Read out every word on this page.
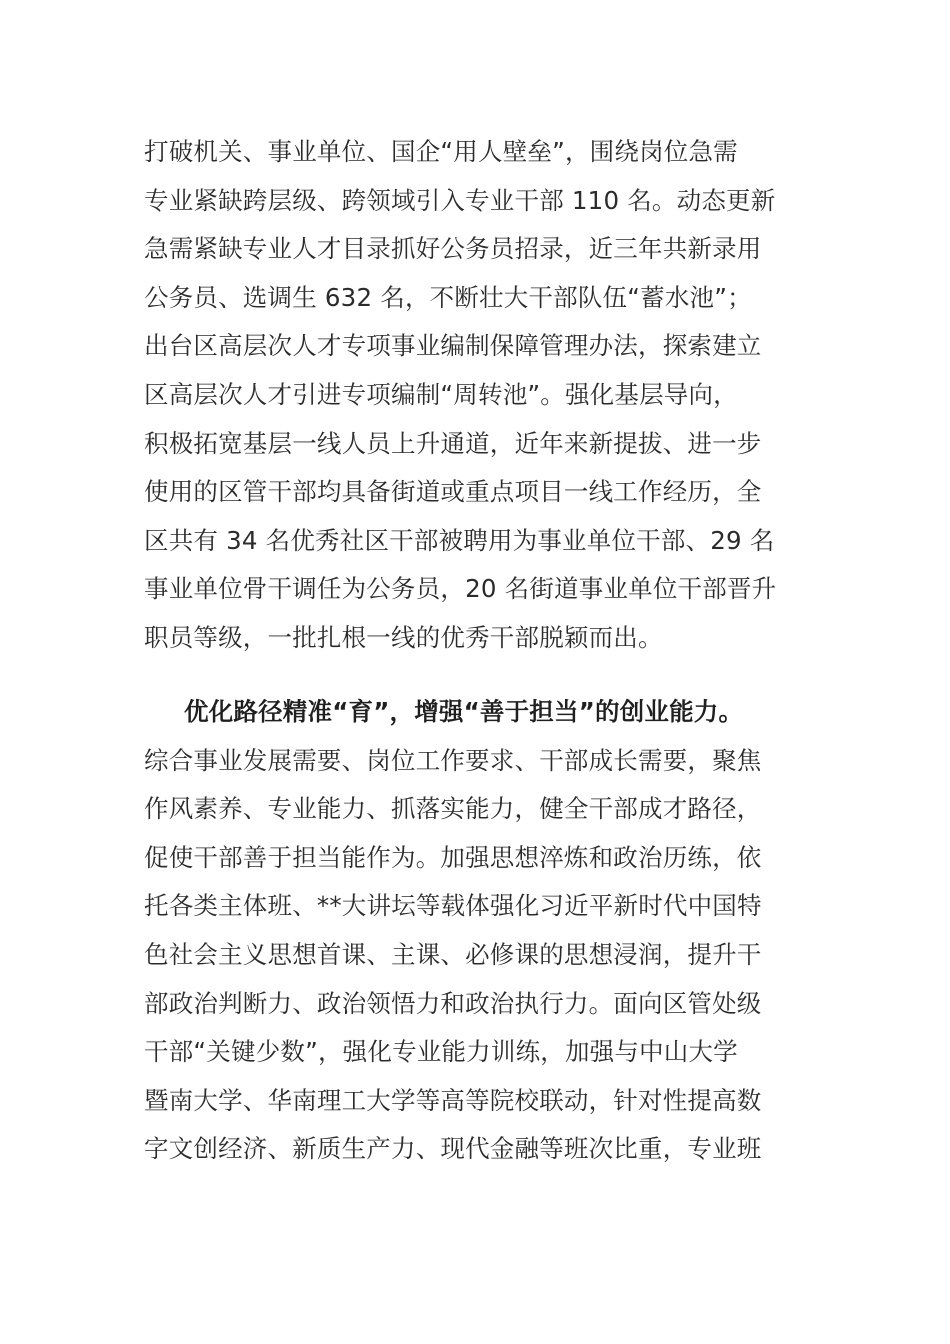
打破机关、事业单位、国企“用人壁垒”，围绕岗位急需
专业紧缺跨层级、跨领域引入专业干部 110 名。动态更新
急需紧缺专业人才目录抓好公务员招录，近三年共新录用
公务员、选调生 632 名，不断壮大干部队伍“蓄水池”；
出台区高层次人才专项事业编制保障管理办法，探索建立
区高层次人才引进专项编制“周转池”。强化基层导向，
积极拓宽基层一线人员上升通道，近年来新提拔、进一步
使用的区管干部均具备街道或重点项目一线工作经历，全
区共有 34 名优秀社区干部被聘用为事业单位干部、29 名
事业单位骨干调任为公务员，20 名街道事业单位干部晋升
职员等级，一批扎根一线的优秀干部脱颖而出。
优化路径精准“育”，增强“善于担当”的创业能力。
综合事业发展需要、岗位工作要求、干部成长需要，聚焦
作风素养、专业能力、抓落实能力，健全干部成才路径，
促使干部善于担当能作为。加强思想淬炼和政治历练，依
托各类主体班、**大讲坛等载体强化习近平新时代中国特
色社会主义思想首课、主课、必修课的思想浸润，提升干
部政治判断力、政治领悟力和政治执行力。面向区管处级
干部“关键少数”，强化专业能力训练，加强与中山大学
暨南大学、华南理工大学等高等院校联动，针对性提高数
字文创经济、新质生产力、现代金融等班次比重，专业班
